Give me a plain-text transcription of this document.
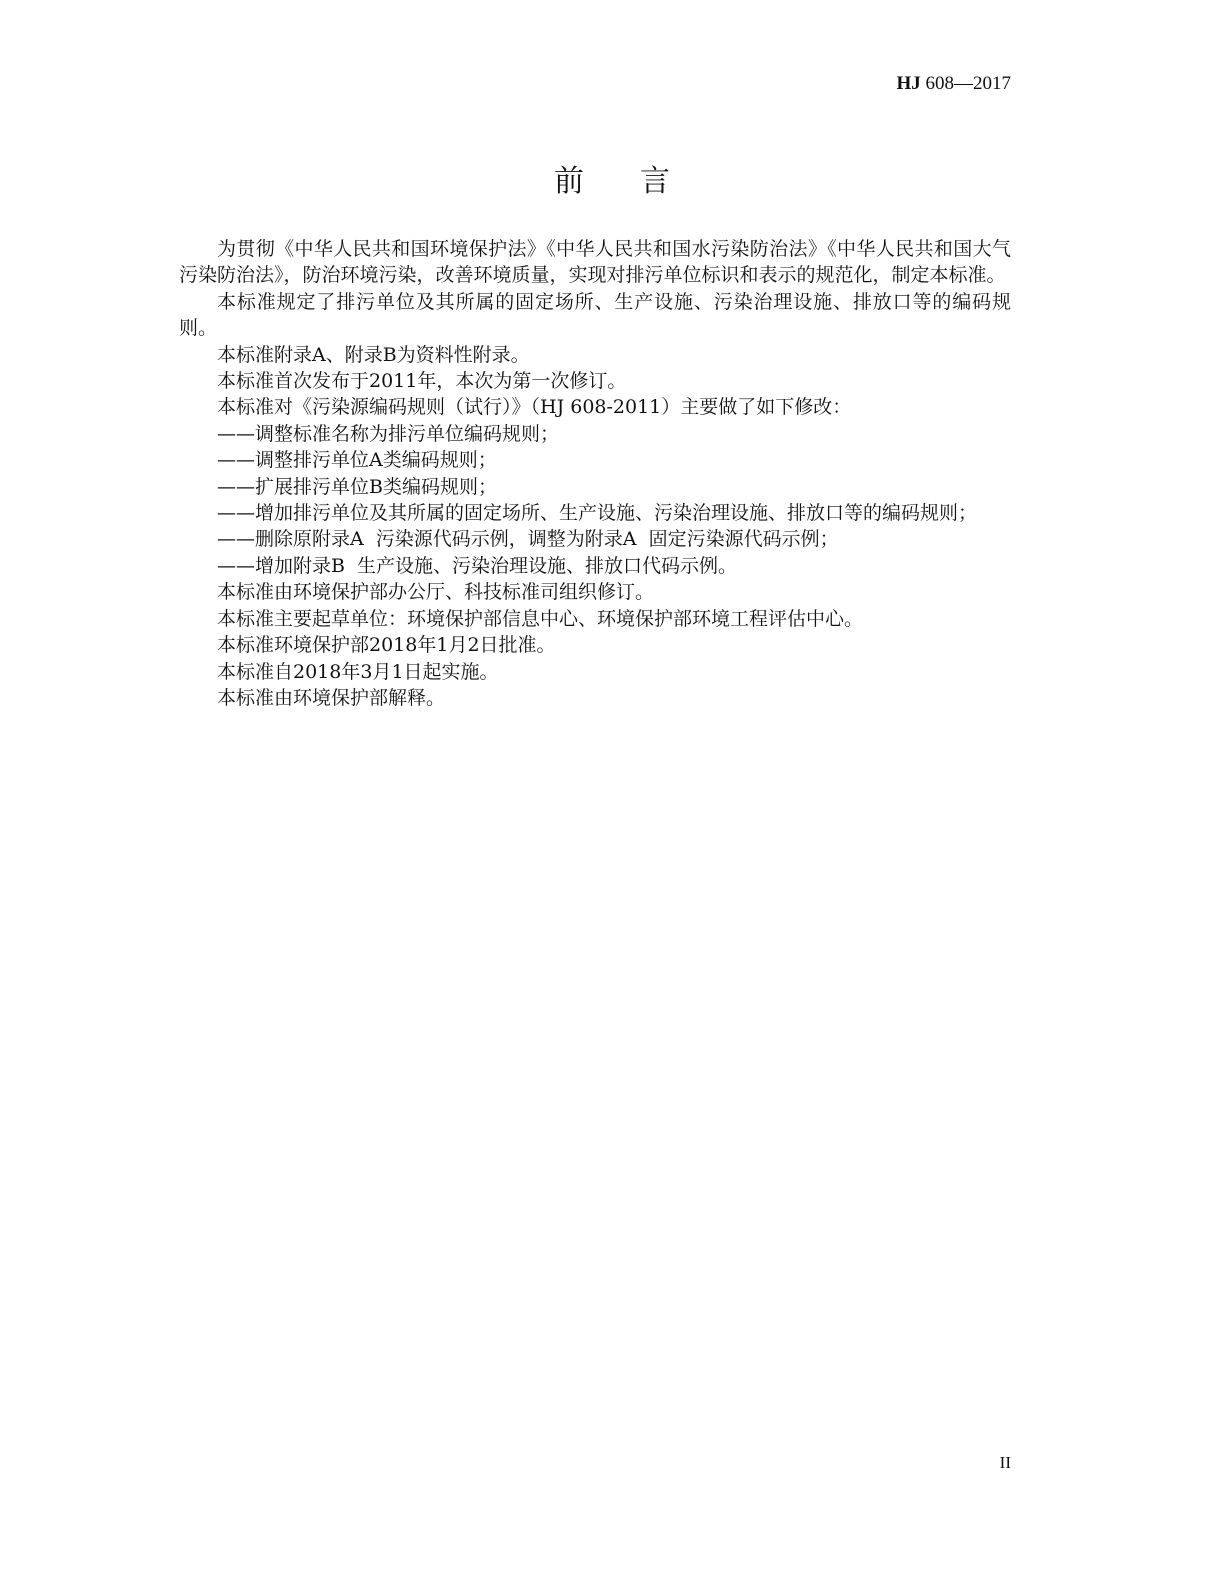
HJ 608—2017
前言

为贯彻《中华人民共和国环境保护法》《中华人民共和国水污染防治法》《中华人民共和国大气污染防治法》，防治环境污染，改善环境质量，实现对排污单位标识和表示的规范化，制定本标准。

本标准规定了排污单位及其所属的固定场所、生产设施、污染治理设施、排放口等的编码规则。

本标准附录A、附录B为资料性附录。

本标准首次发布于2011年，本次为第一次修订。

本标准对《污染源编码规则（试行）》（HJ 608-2011）主要做了如下修改：

——调整标准名称为排污单位编码规则；

——调整排污单位A类编码规则；

——扩展排污单位B类编码规则；

——增加排污单位及其所属的固定场所、生产设施、污染治理设施、排放口等的编码规则；

——删除原附录A  污染源代码示例，调整为附录A  固定污染源代码示例；

——增加附录B  生产设施、污染治理设施、排放口代码示例。

本标准由环境保护部办公厅、科技标准司组织修订。

本标准主要起草单位：环境保护部信息中心、环境保护部环境工程评估中心。

本标准环境保护部2018年1月2日批准。

本标准自2018年3月1日起实施。

本标准由环境保护部解释。

II
